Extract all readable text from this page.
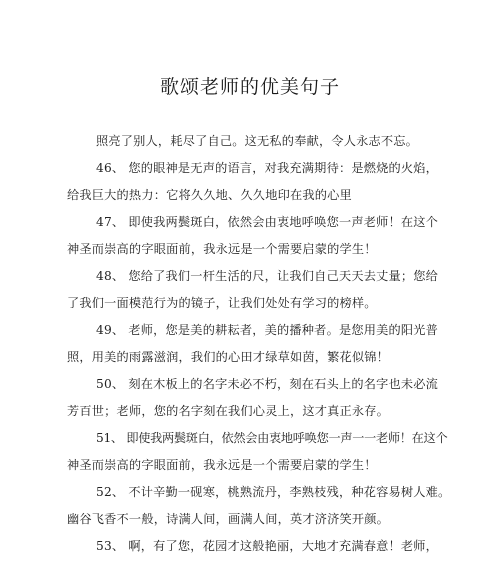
歌颂老师的优美句子
照亮了别人，耗尽了自己。这无私的奉献，令人永志不忘。
46、 您的眼神是无声的语言，对我充满期待：是燃烧的火焰，
给我巨大的热力：它将久久地、久久地印在我的心里
47、 即使我两鬓斑白，依然会由衷地呼唤您一声老师！在这个
神圣而崇高的字眼面前，我永远是一个需要启蒙的学生！
48、 您给了我们一杆生活的尺，让我们自己天天去丈量；您给
了我们一面模范行为的镜子，让我们处处有学习的榜样。
49、 老师，您是美的耕耘者，美的播种者。是您用美的阳光普
照，用美的雨露滋润，我们的心田才绿草如茵，繁花似锦！
50、 刻在木板上的名字未必不朽，刻在石头上的名字也未必流
芳百世；老师，您的名字刻在我们心灵上，这才真正永存。
51、 即使我两鬓斑白，依然会由衷地呼唤您一声一一老师！在这个
神圣而崇高的字眼面前，我永远是一个需要启蒙的学生！
52、 不计辛勤一砚寒，桃熟流丹，李熟枝残，种花容易树人难。
幽谷飞香不一般，诗满人间，画满人间，英才济济笑开颜。
53、 啊，有了您，花园才这般艳丽，大地才充满春意！老师，
